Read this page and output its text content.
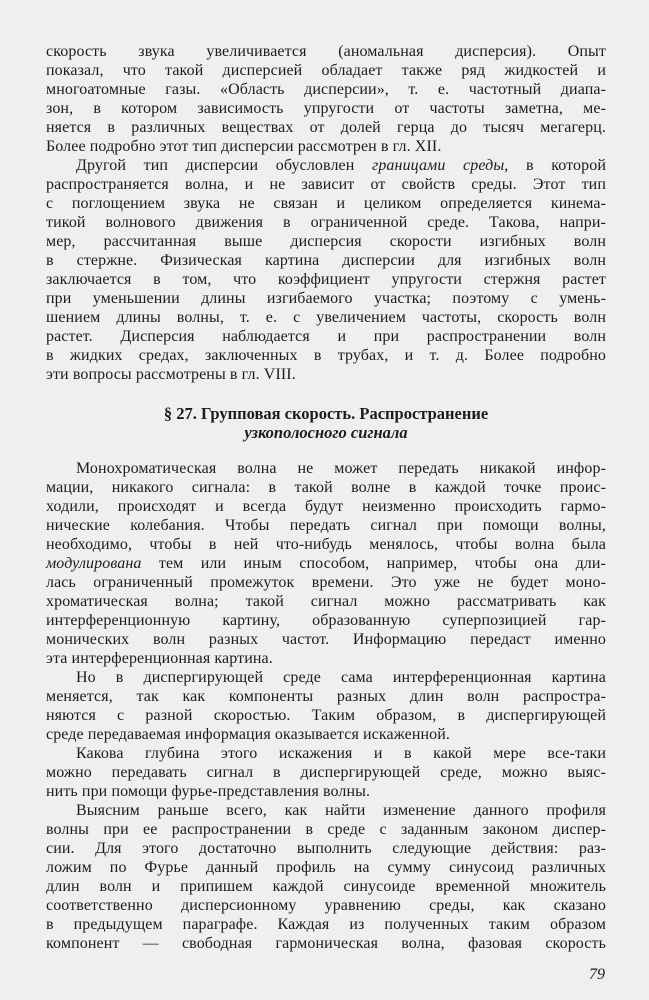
скорость звука увеличивается (аномальная дисперсия). Опыт
показал, что такой дисперсией обладает также ряд жидкостей и
многоатомные газы. «Область дисперсии», т. е. частотный диапа-
зон, в котором зависимость упругости от частоты заметна, ме-
няется в различных веществах от долей герца до тысяч мегагерц.
Более подробно этот тип дисперсии рассмотрен в гл. XII.
Другой тип дисперсии обусловлен границами среды, в которой
распространяется волна, и не зависит от свойств среды. Этот тип
с поглощением звука не связан и целиком определяется кинема-
тикой волнового движения в ограниченной среде. Такова, напри-
мер, рассчитанная выше дисперсия скорости изгибных волн
в стержне. Физическая картина дисперсии для изгибных волн
заключается в том, что коэффициент упругости стержня растет
при уменьшении длины изгибаемого участка; поэтому с умень-
шением длины волны, т. е. с увеличением частоты, скорость волн
растет. Дисперсия наблюдается и при распространении волн
в жидких средах, заключенных в трубах, и т. д. Более подробно
эти вопросы рассмотрены в гл. VIII.
§ 27. Групповая скорость. Распространение
узкополосного сигнала
Монохроматическая волна не может передать никакой инфор-
мации, никакого сигнала: в такой волне в каждой точке проис-
ходили, происходят и всегда будут неизменно происходить гармо-
нические колебания. Чтобы передать сигнал при помощи волны,
необходимо, чтобы в ней что-нибудь менялось, чтобы волна была
модулирована тем или иным способом, например, чтобы она дли-
лась ограниченный промежуток времени. Это уже не будет моно-
хроматическая волна; такой сигнал можно рассматривать как
интерференционную картину, образованную суперпозицией гар-
монических волн разных частот. Информацию передаст именно
эта интерференционная картина.
Но в диспергирующей среде сама интерференционная картина
меняется, так как компоненты разных длин волн распростра-
няются с разной скоростью. Таким образом, в диспергирующей
среде передаваемая информация оказывается искаженной.
Какова глубина этого искажения и в какой мере все-таки
можно передавать сигнал в диспергирующей среде, можно выяс-
нить при помощи фурье-представления волны.
Выясним раньше всего, как найти изменение данного профиля
волны при ее распространении в среде с заданным законом диспер-
сии. Для этого достаточно выполнить следующие действия: раз-
ложим по Фурье данный профиль на сумму синусоид различных
длин волн и припишем каждой синусоиде временной множитель
соответственно дисперсионному уравнению среды, как сказано
в предыдущем параграфе. Каждая из полученных таким образом
компонент — свободная гармоническая волна, фазовая скорость
79
